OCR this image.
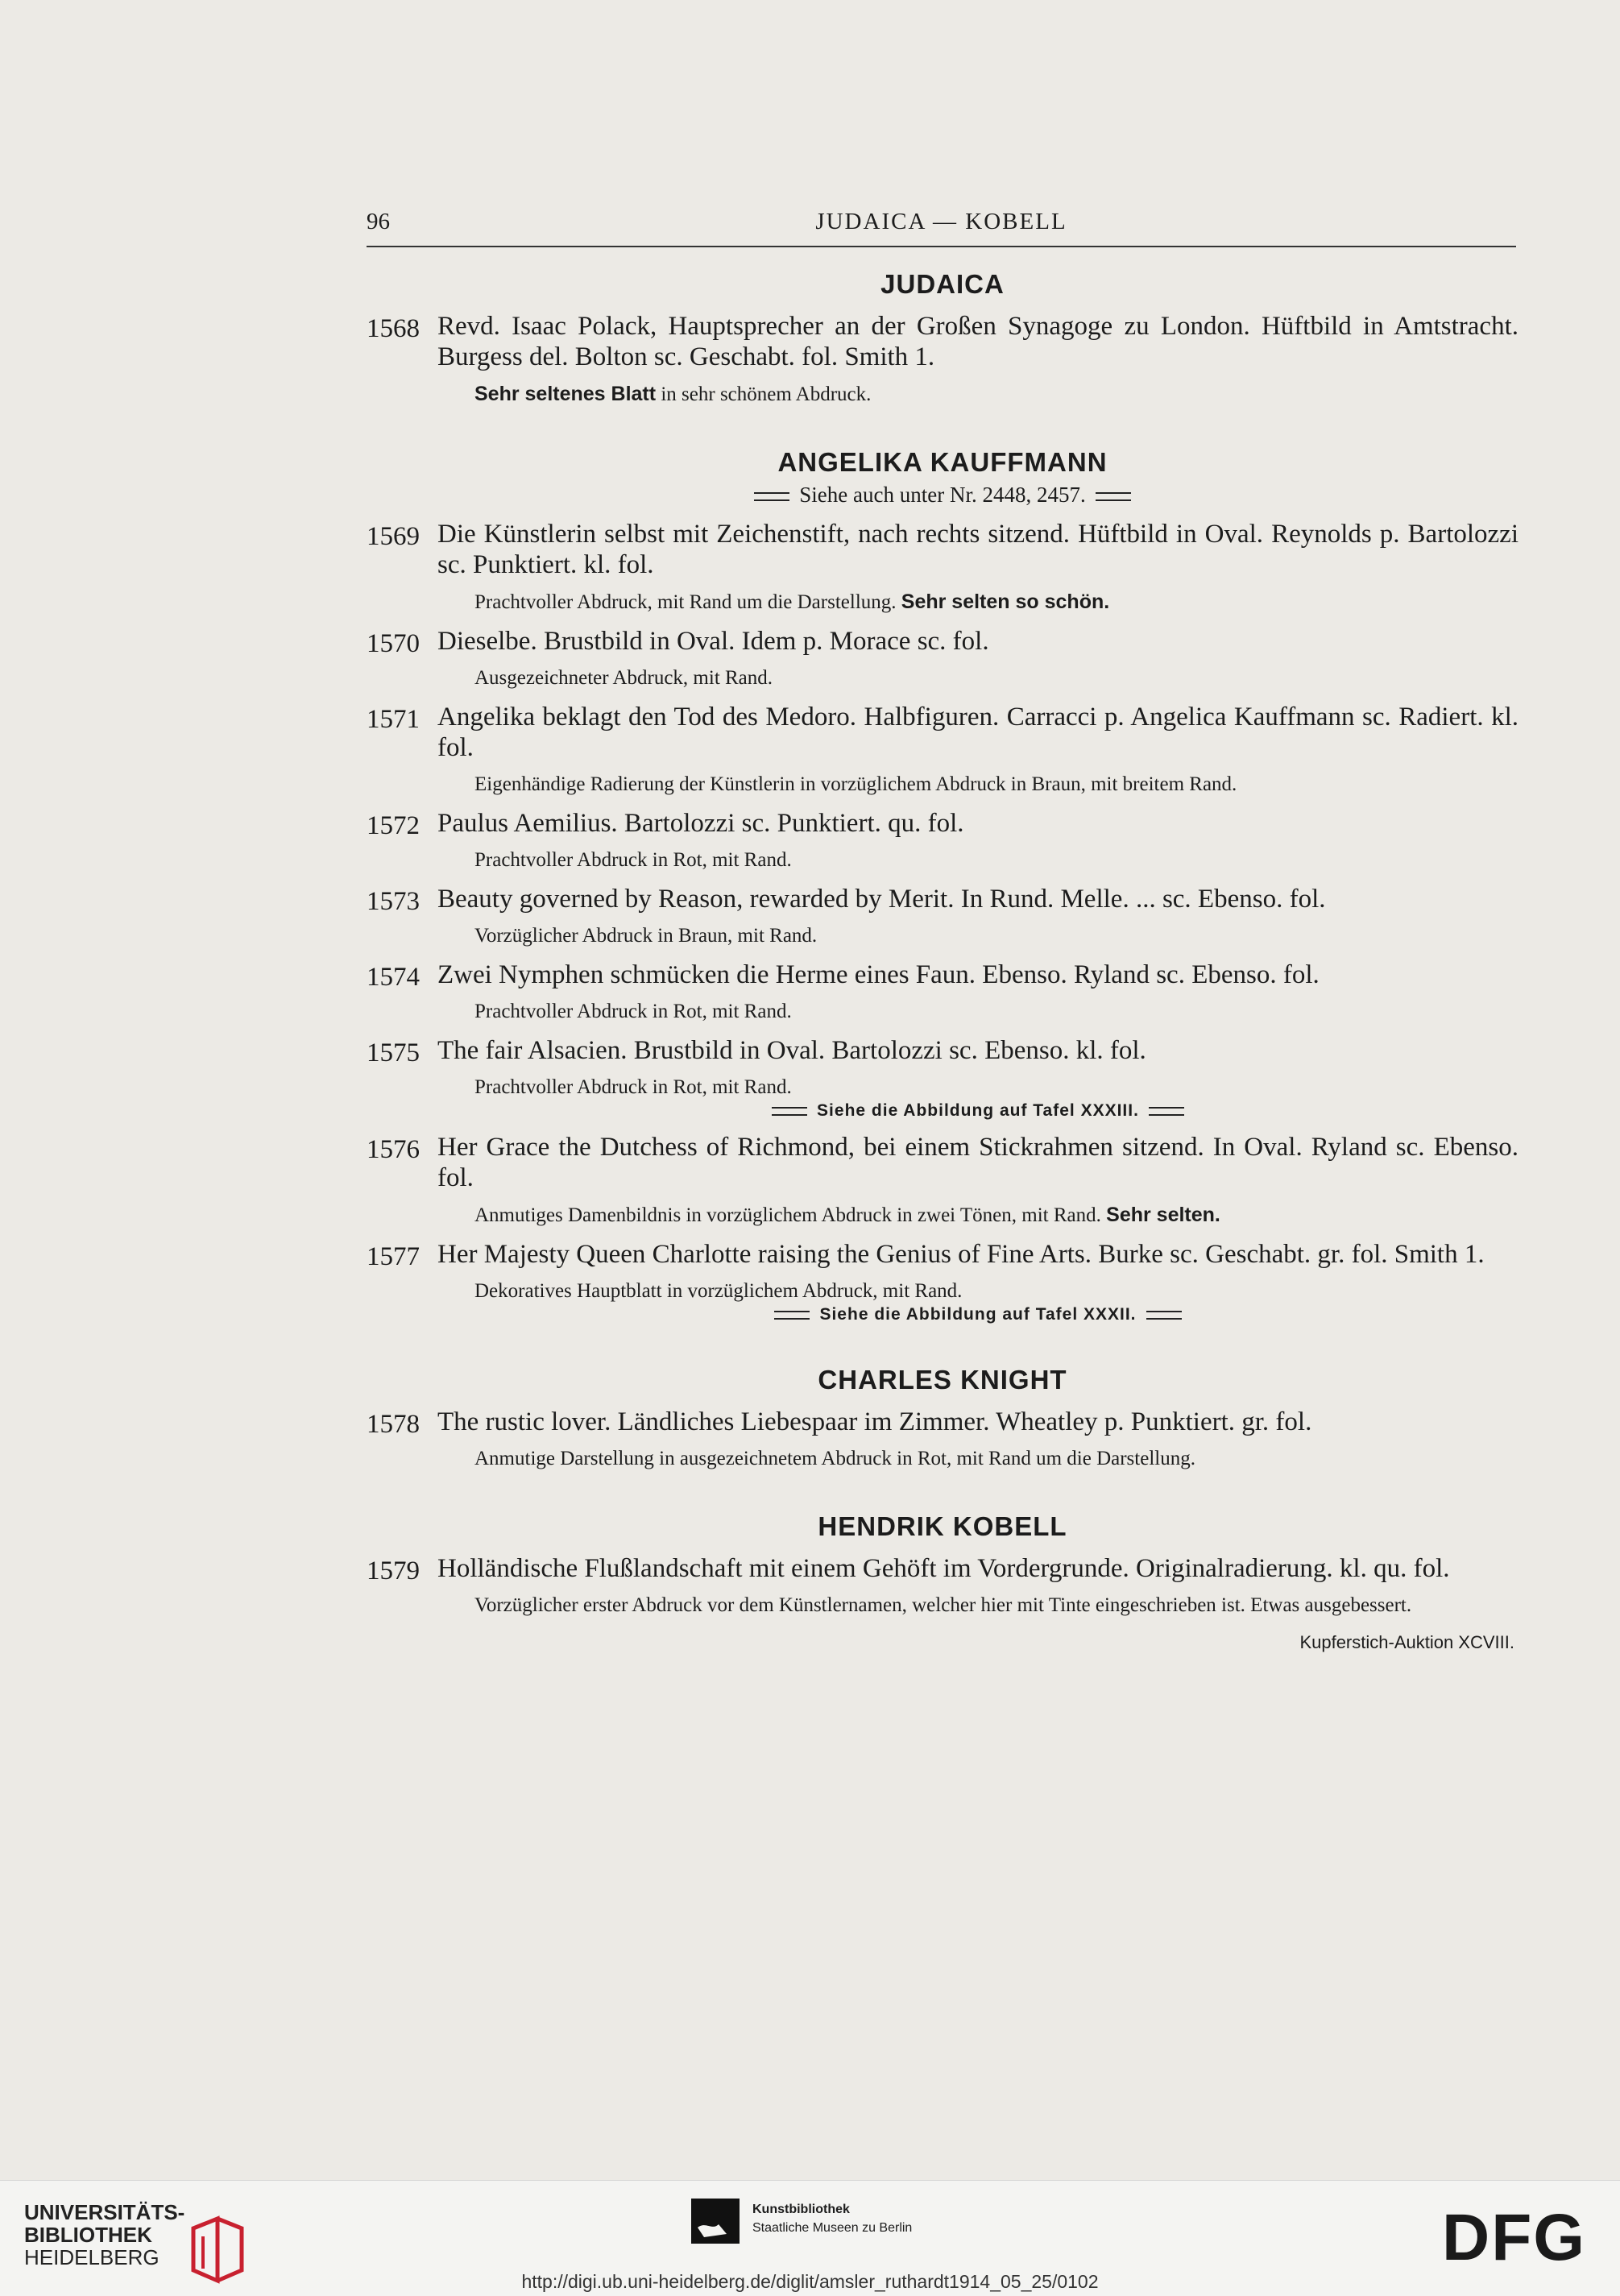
96	JUDAICA — KOBELL
JUDAICA
1568 Revd. Isaac Polack, Hauptsprecher an der Großen Synagoge zu London. Hüftbild in Amtstracht. Burgess del. Bolton sc. Geschabt. fol. Smith 1.
Sehr seltenes Blatt in sehr schönem Abdruck.
ANGELIKA KAUFFMANN
Siehe auch unter Nr. 2448, 2457.
1569 Die Künstlerin selbst mit Zeichenstift, nach rechts sitzend. Hüftbild in Oval. Reynolds p. Bartolozzi sc. Punktiert. kl. fol.
Prachtvoller Abdruck, mit Rand um die Darstellung. Sehr selten so schön.
1570 Dieselbe. Brustbild in Oval. Idem p. Morace sc. fol.
Ausgezeichneter Abdruck, mit Rand.
1571 Angelika beklagt den Tod des Medoro. Halbfiguren. Carracci p. Angelica Kauffmann sc. Radiert. kl. fol.
Eigenhändige Radierung der Künstlerin in vorzüglichem Abdruck in Braun, mit breitem Rand.
1572 Paulus Aemilius. Bartolozzi sc. Punktiert. qu. fol.
Prachtvoller Abdruck in Rot, mit Rand.
1573 Beauty governed by Reason, rewarded by Merit. In Rund. Melle. ... sc. Ebenso. fol.
Vorzüglicher Abdruck in Braun, mit Rand.
1574 Zwei Nymphen schmücken die Herme eines Faun. Ebenso. Ryland sc. Ebenso. fol.
Prachtvoller Abdruck in Rot, mit Rand.
1575 The fair Alsacien. Brustbild in Oval. Bartolozzi sc. Ebenso. kl. fol.
Prachtvoller Abdruck in Rot, mit Rand.
Siehe die Abbildung auf Tafel XXXIII.
1576 Her Grace the Dutchess of Richmond, bei einem Stickrahmen sitzend. In Oval. Ryland sc. Ebenso. fol.
Anmutiges Damenbildnis in vorzüglichem Abdruck in zwei Tönen, mit Rand. Sehr selten.
1577 Her Majesty Queen Charlotte raising the Genius of Fine Arts. Burke sc. Geschabt. gr. fol. Smith 1.
Dekoratives Hauptblatt in vorzüglichem Abdruck, mit Rand.
Siehe die Abbildung auf Tafel XXXII.
CHARLES KNIGHT
1578 The rustic lover. Ländliches Liebespaar im Zimmer. Wheatley p. Punktiert. gr. fol.
Anmutige Darstellung in ausgezeichnetem Abdruck in Rot, mit Rand um die Darstellung.
HENDRIK KOBELL
1579 Holländische Flußlandschaft mit einem Gehöft im Vordergrunde. Originalradierung. kl. qu. fol.
Vorzüglicher erster Abdruck vor dem Künstlernamen, welcher hier mit Tinte eingeschrieben ist. Etwas ausgebessert.
Kupferstich-Auktion XCVIII.
UNIVERSITÄTS-
BIBLIOTHEK
HEIDELBERG
Kunstbibliothek
Staatliche Museen zu Berlin	DFG
http://digi.ub.uni-heidelberg.de/diglit/amsler_ruthardt1914_05_25/0102
